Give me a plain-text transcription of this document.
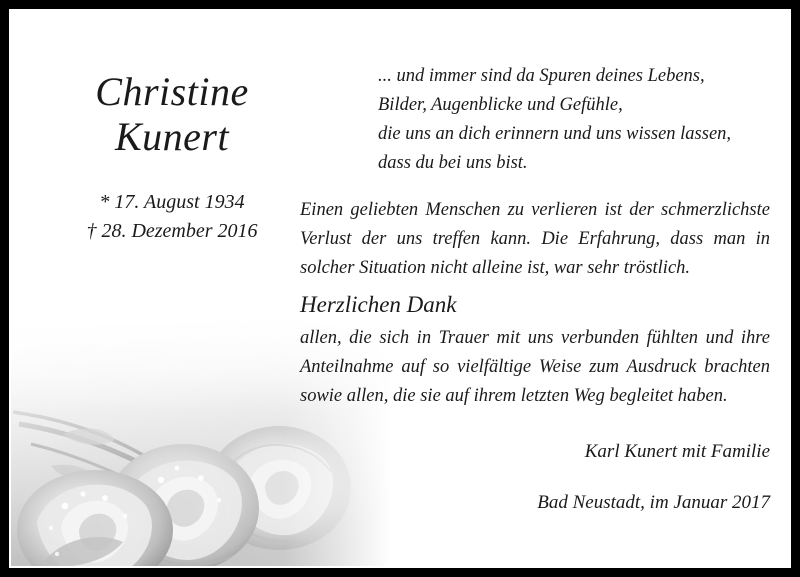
Christine
Kunert
* 17. August 1934
† 28. Dezember 2016
... und immer sind da Spuren deines Lebens,
Bilder, Augenblicke und Gefühle,
die uns an dich erinnern und uns wissen lassen,
dass du bei uns bist.

Einen geliebten Menschen zu verlieren ist der schmerzlichste Verlust der uns treffen kann. Die Erfahrung, dass man in solcher Situation nicht alleine ist, war sehr tröstlich.

Herzlichen Dank

allen, die sich in Trauer mit uns verbunden fühlten und ihre Anteilnahme auf so vielfältige Weise zum Ausdruck brachten sowie allen, die sie auf ihrem letzten Weg begleitet haben.

Karl Kunert mit Familie
Bad Neustadt, im Januar 2017
